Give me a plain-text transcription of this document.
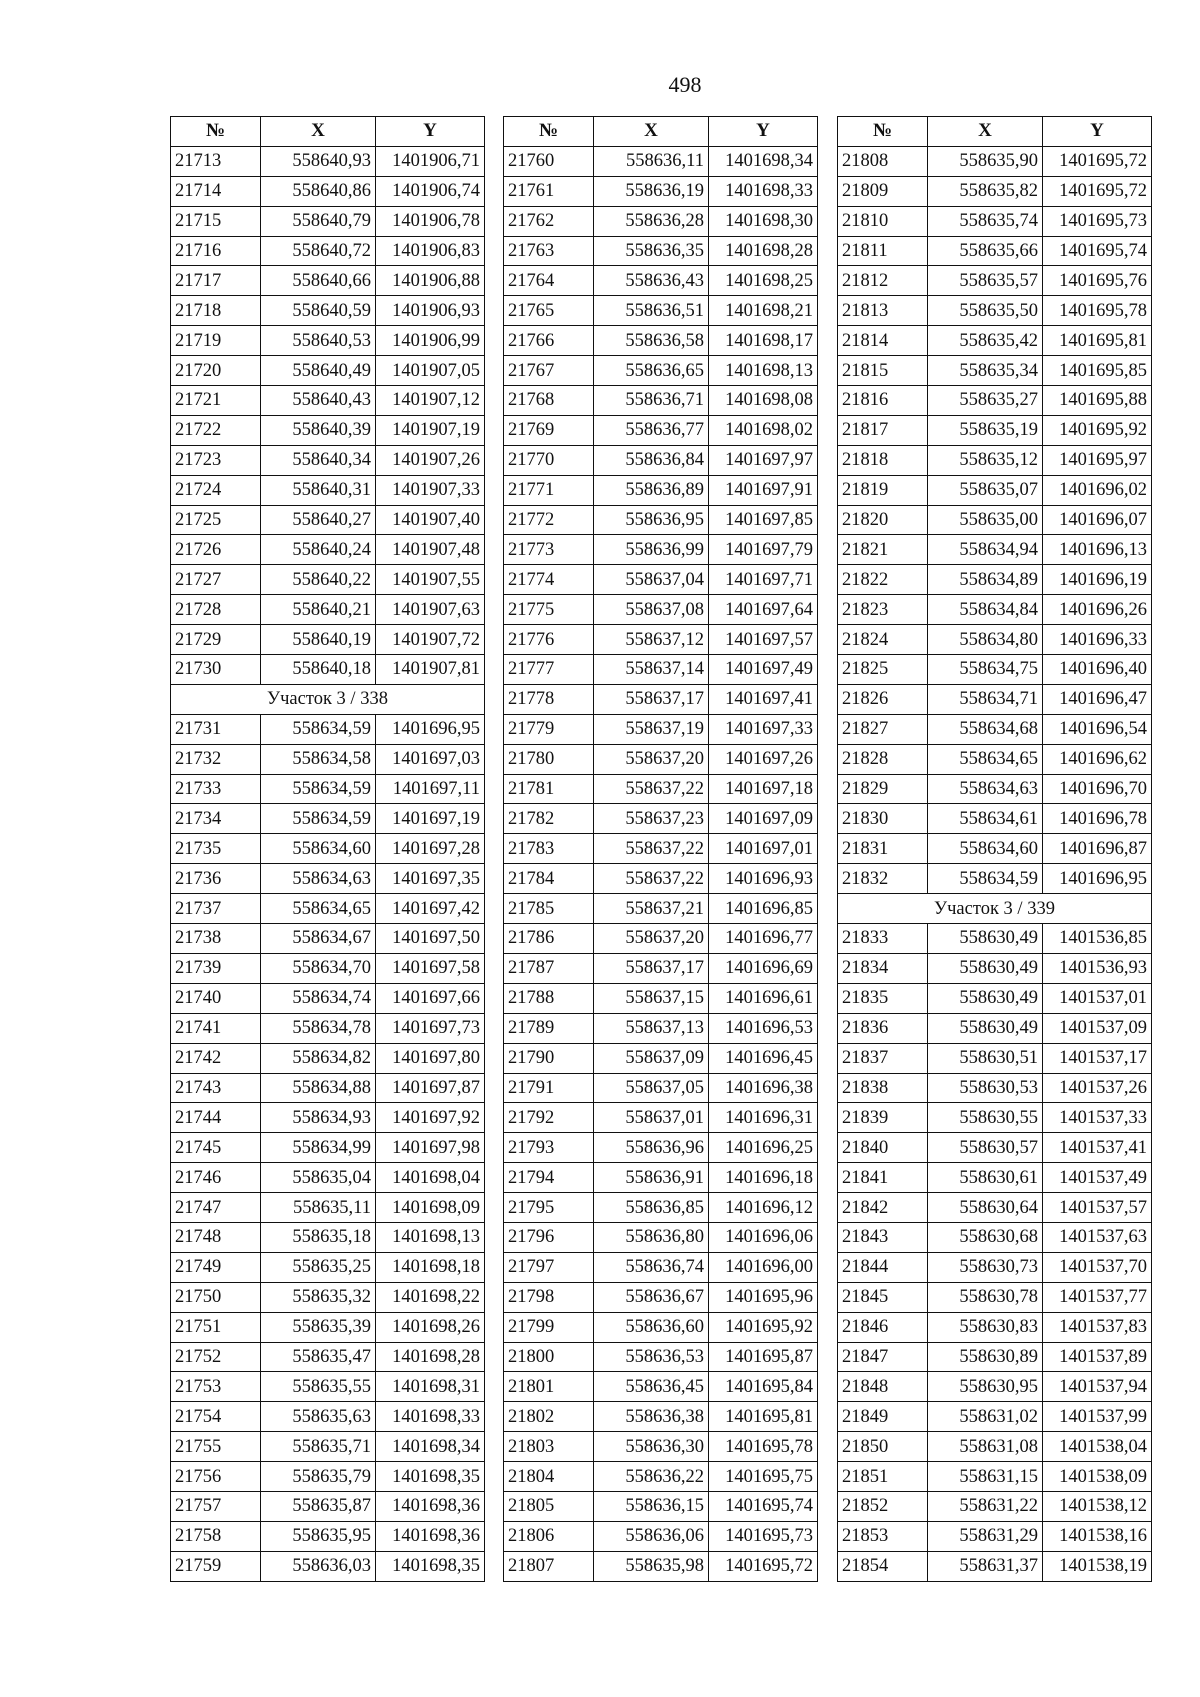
498
№	X	Y
21713	558640,93	1401906,71
21714	558640,86	1401906,74
21715	558640,79	1401906,78
21716	558640,72	1401906,83
21717	558640,66	1401906,88
21718	558640,59	1401906,93
21719	558640,53	1401906,99
21720	558640,49	1401907,05
21721	558640,43	1401907,12
21722	558640,39	1401907,19
21723	558640,34	1401907,26
21724	558640,31	1401907,33
21725	558640,27	1401907,40
21726	558640,24	1401907,48
21727	558640,22	1401907,55
21728	558640,21	1401907,63
21729	558640,19	1401907,72
21730	558640,18	1401907,81
Участок 3 / 338		
21731	558634,59	1401696,95
21732	558634,58	1401697,03
21733	558634,59	1401697,11
21734	558634,59	1401697,19
21735	558634,60	1401697,28
21736	558634,63	1401697,35
21737	558634,65	1401697,42
21738	558634,67	1401697,50
21739	558634,70	1401697,58
21740	558634,74	1401697,66
21741	558634,78	1401697,73
21742	558634,82	1401697,80
21743	558634,88	1401697,87
21744	558634,93	1401697,92
21745	558634,99	1401697,98
21746	558635,04	1401698,04
21747	558635,11	1401698,09
21748	558635,18	1401698,13
21749	558635,25	1401698,18
21750	558635,32	1401698,22
21751	558635,39	1401698,26
21752	558635,47	1401698,28
21753	558635,55	1401698,31
21754	558635,63	1401698,33
21755	558635,71	1401698,34
21756	558635,79	1401698,35
21757	558635,87	1401698,36
21758	558635,95	1401698,36
21759	558636,03	1401698,35
№	X	Y
21760	558636,11	1401698,34
21761	558636,19	1401698,33
21762	558636,28	1401698,30
21763	558636,35	1401698,28
21764	558636,43	1401698,25
21765	558636,51	1401698,21
21766	558636,58	1401698,17
21767	558636,65	1401698,13
21768	558636,71	1401698,08
21769	558636,77	1401698,02
21770	558636,84	1401697,97
21771	558636,89	1401697,91
21772	558636,95	1401697,85
21773	558636,99	1401697,79
21774	558637,04	1401697,71
21775	558637,08	1401697,64
21776	558637,12	1401697,57
21777	558637,14	1401697,49
21778	558637,17	1401697,41
21779	558637,19	1401697,33
21780	558637,20	1401697,26
21781	558637,22	1401697,18
21782	558637,23	1401697,09
21783	558637,22	1401697,01
21784	558637,22	1401696,93
21785	558637,21	1401696,85
21786	558637,20	1401696,77
21787	558637,17	1401696,69
21788	558637,15	1401696,61
21789	558637,13	1401696,53
21790	558637,09	1401696,45
21791	558637,05	1401696,38
21792	558637,01	1401696,31
21793	558636,96	1401696,25
21794	558636,91	1401696,18
21795	558636,85	1401696,12
21796	558636,80	1401696,06
21797	558636,74	1401696,00
21798	558636,67	1401695,96
21799	558636,60	1401695,92
21800	558636,53	1401695,87
21801	558636,45	1401695,84
21802	558636,38	1401695,81
21803	558636,30	1401695,78
21804	558636,22	1401695,75
21805	558636,15	1401695,74
21806	558636,06	1401695,73
21807	558635,98	1401695,72
№	X	Y
21808	558635,90	1401695,72
21809	558635,82	1401695,72
21810	558635,74	1401695,73
21811	558635,66	1401695,74
21812	558635,57	1401695,76
21813	558635,50	1401695,78
21814	558635,42	1401695,81
21815	558635,34	1401695,85
21816	558635,27	1401695,88
21817	558635,19	1401695,92
21818	558635,12	1401695,97
21819	558635,07	1401696,02
21820	558635,00	1401696,07
21821	558634,94	1401696,13
21822	558634,89	1401696,19
21823	558634,84	1401696,26
21824	558634,80	1401696,33
21825	558634,75	1401696,40
21826	558634,71	1401696,47
21827	558634,68	1401696,54
21828	558634,65	1401696,62
21829	558634,63	1401696,70
21830	558634,61	1401696,78
21831	558634,60	1401696,87
21832	558634,59	1401696,95
Участок 3 / 339		
21833	558630,49	1401536,85
21834	558630,49	1401536,93
21835	558630,49	1401537,01
21836	558630,49	1401537,09
21837	558630,51	1401537,17
21838	558630,53	1401537,26
21839	558630,55	1401537,33
21840	558630,57	1401537,41
21841	558630,61	1401537,49
21842	558630,64	1401537,57
21843	558630,68	1401537,63
21844	558630,73	1401537,70
21845	558630,78	1401537,77
21846	558630,83	1401537,83
21847	558630,89	1401537,89
21848	558630,95	1401537,94
21849	558631,02	1401537,99
21850	558631,08	1401538,04
21851	558631,15	1401538,09
21852	558631,22	1401538,12
21853	558631,29	1401538,16
21854	558631,37	1401538,19
